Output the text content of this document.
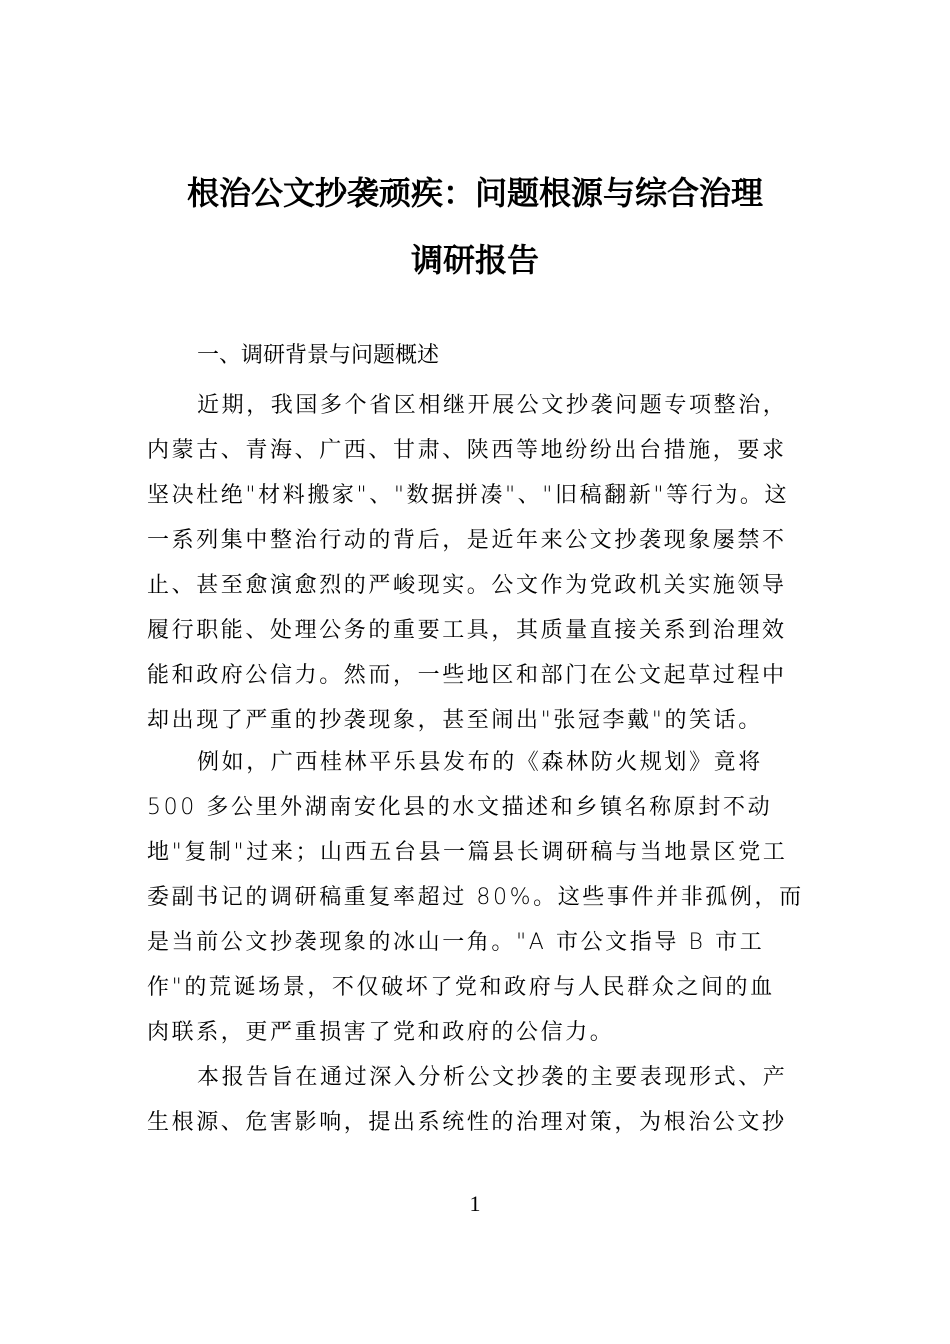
根治公文抄袭顽疾：问题根源与综合治理
调研报告
一、调研背景与问题概述
近期，我国多个省区相继开展公文抄袭问题专项整治，
内蒙古、青海、广西、甘肃、陕西等地纷纷出台措施，要求
坚决杜绝"材料搬家"、"数据拼凑"、"旧稿翻新"等行为。这
一系列集中整治行动的背后，是近年来公文抄袭现象屡禁不
止、甚至愈演愈烈的严峻现实。公文作为党政机关实施领导
履行职能、处理公务的重要工具，其质量直接关系到治理效
能和政府公信力。然而，一些地区和部门在公文起草过程中
却出现了严重的抄袭现象，甚至闹出"张冠李戴"的笑话。
例如，广西桂林平乐县发布的《森林防火规划》竟将
500 多公里外湖南安化县的水文描述和乡镇名称原封不动
地"复制"过来；山西五台县一篇县长调研稿与当地景区党工
委副书记的调研稿重复率超过 80%。这些事件并非孤例，而
是当前公文抄袭现象的冰山一角。"A 市公文指导 B 市工
作"的荒诞场景，不仅破坏了党和政府与人民群众之间的血
肉联系，更严重损害了党和政府的公信力。
本报告旨在通过深入分析公文抄袭的主要表现形式、产
生根源、危害影响，提出系统性的治理对策，为根治公文抄
1
